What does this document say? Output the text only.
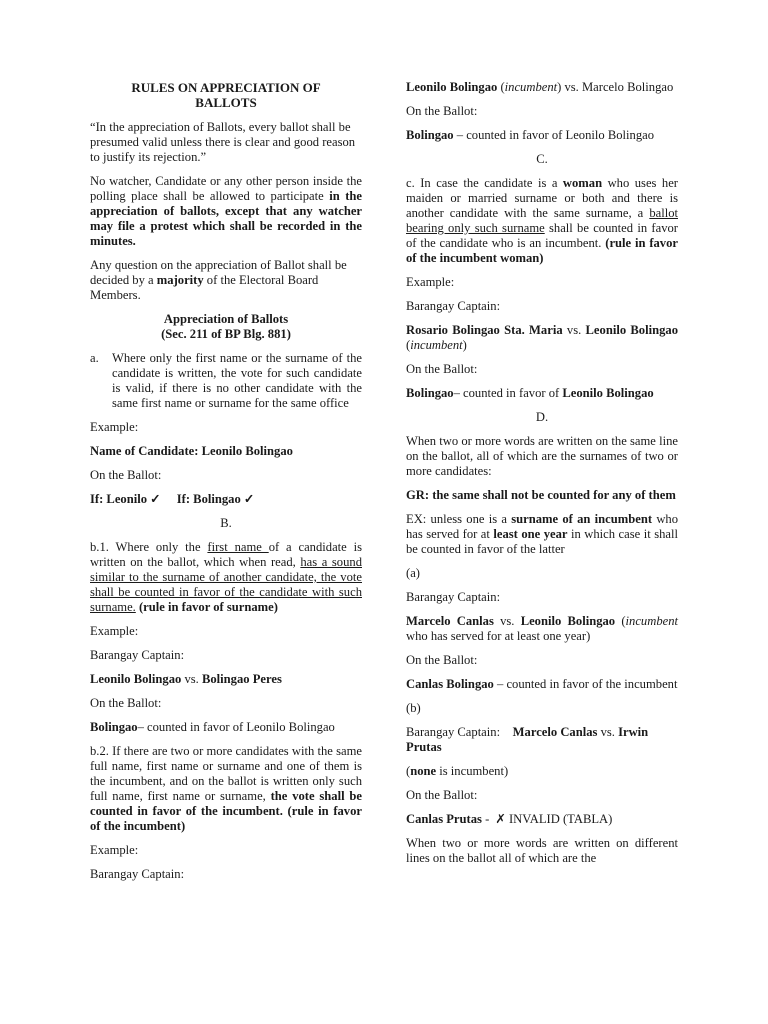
RULES ON APPRECIATION OF
BALLOTS

“In the appreciation of Ballots, every ballot shall be presumed valid unless there is clear and good reason to justify its rejection.”

No watcher, Candidate or any other person inside the polling place shall be allowed to participate in the appreciation of ballots, except that any watcher may file a protest which shall be recorded in the minutes.

Any question on the appreciation of Ballot shall be decided by a majority of the Electoral Board Members.

Appreciation of Ballots
(Sec. 211 of BP Blg. 881)
a.	Where only the first name or the surname of the candidate is written, the vote for such candidate is valid, if there is no other candidate with the same first name or surname for the same office

Example:

Name of Candidate: Leonilo Bolingao

On the Ballot:

If: Leonilo ✓ If: Bolingao ✓

B.

b.1. Where only the first name of a candidate is written on the ballot, which when read, has a sound similar to the surname of another candidate, the vote shall be counted in favor of the candidate with such surname. (rule in favor of surname)

Example:

Barangay Captain:

Leonilo Bolingao vs. Bolingao Peres

On the Ballot:

Bolingao– counted in favor of Leonilo Bolingao

b.2. If there are two or more candidates with the same full name, first name or surname and one of them is the incumbent, and on the ballot is written only such full name, first name or surname, the vote shall be counted in favor of the incumbent. (rule in favor of the incumbent)

Example:

Barangay Captain:

Leonilo Bolingao (incumbent) vs. Marcelo Bolingao

On the Ballot:

Bolingao – counted in favor of Leonilo Bolingao

C.

c. In case the candidate is a woman who uses her maiden or married surname or both and there is another candidate with the same surname, a ballot bearing only such surname shall be counted in favor of the candidate who is an incumbent. (rule in favor of the incumbent woman)

Example:

Barangay Captain:

Rosario Bolingao Sta. Maria vs. Leonilo Bolingao (incumbent)

On the Ballot:

Bolingao– counted in favor of Leonilo Bolingao

D.

When two or more words are written on the same line on the ballot, all of which are the surnames of two or more candidates:

GR: the same shall not be counted for any of them

EX: unless one is a surname of an incumbent who has served for at least one year in which case it shall be counted in favor of the latter

(a)

Barangay Captain:

Marcelo Canlas vs. Leonilo Bolingao (incumbent who has served for at least one year)

On the Ballot:

Canlas Bolingao – counted in favor of the incumbent

(b)

Barangay Captain: Marcelo Canlas vs. Irwin Prutas

(none is incumbent)

On the Ballot:

Canlas Prutas - ✗ INVALID (TABLA)

When two or more words are written on different lines on the ballot all of which are the
